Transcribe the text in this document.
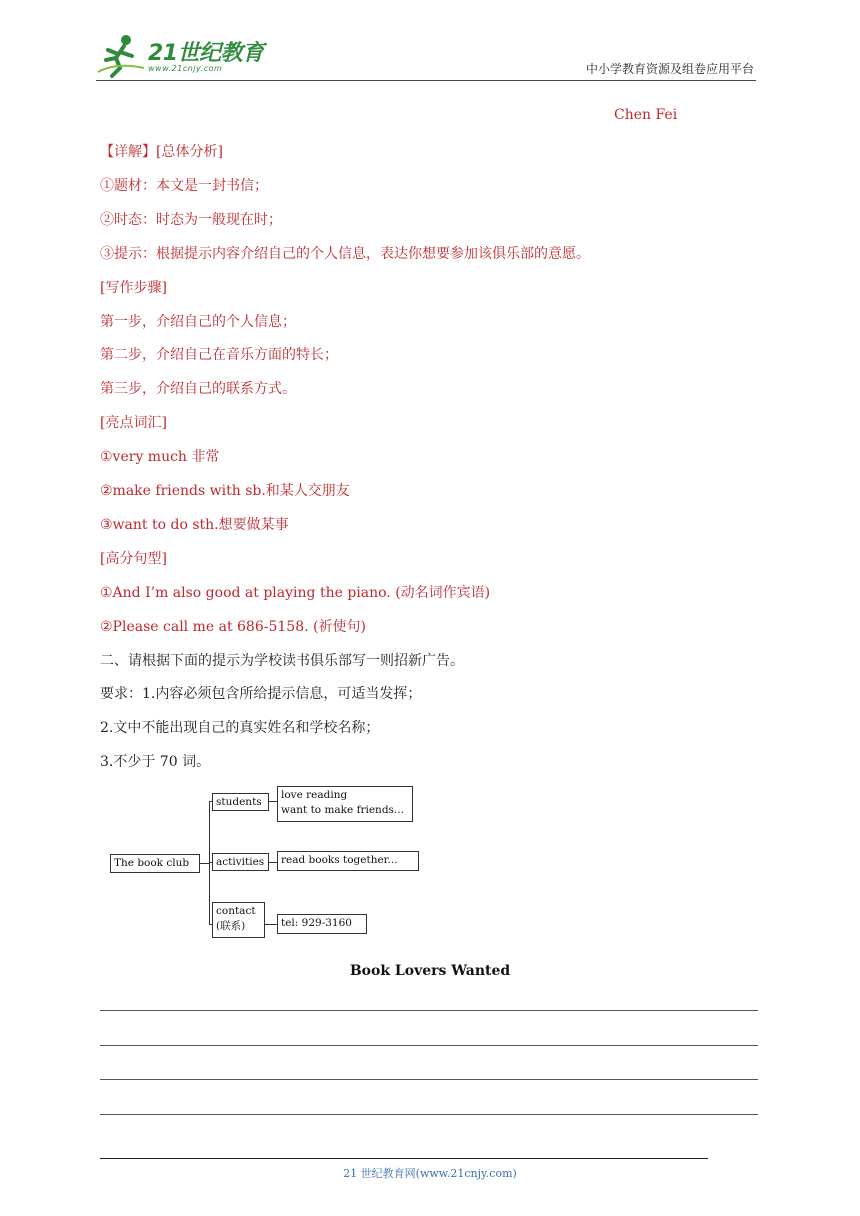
21世纪教育
www.21cnjy.com	中小学教育资源及组卷应用平台
Chen Fei
【详解】[总体分析]
①题材：本文是一封书信；
②时态：时态为一般现在时；
③提示：根据提示内容介绍自己的个人信息，表达你想要参加该俱乐部的意愿。
[写作步骤]
第一步，介绍自己的个人信息；
第二步，介绍自己在音乐方面的特长；
第三步，介绍自己的联系方式。
[亮点词汇]
①very much 非常
②make friends with sb.和某人交朋友
③want to do sth.想要做某事
[高分句型]
①And I’m also good at playing the piano. (动名词作宾语)
②Please call me at 686-5158. (祈使句)
二、请根据下面的提示为学校读书俱乐部写一则招新广告。
要求：1.内容必须包含所给提示信息，可适当发挥；
2.文中不能出现自己的真实姓名和学校名称；
3.不少于 70 词。
The book club
students
love reading
want to make friends...
activities	read books together...
contact
(联系)	tel: 929-3160
Book Lovers Wanted
21 世纪教育网(www.21cnjy.com)
